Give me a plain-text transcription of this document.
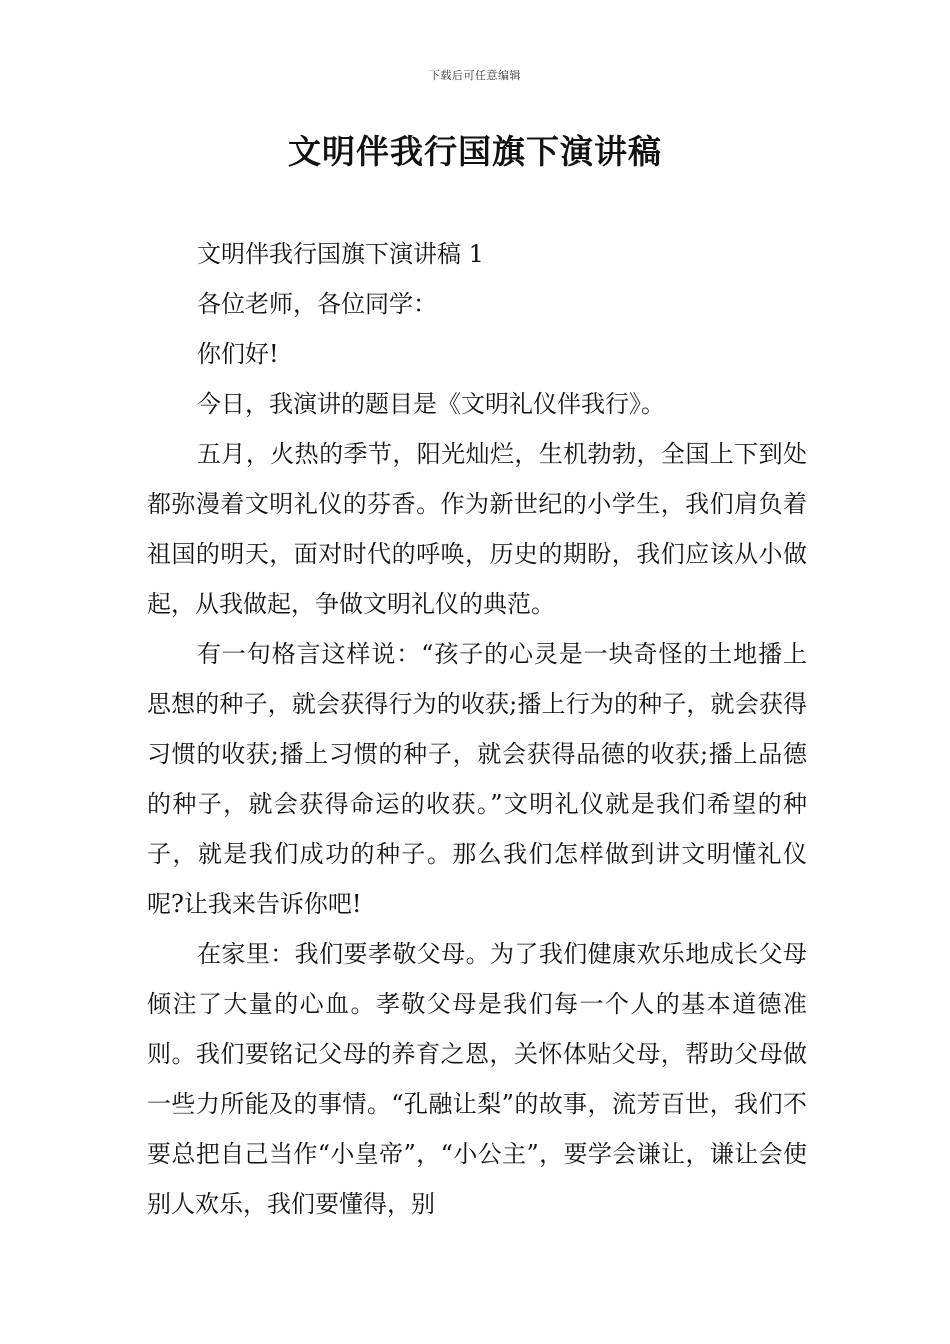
下载后可任意编辑
文明伴我行国旗下演讲稿

文明伴我行国旗下演讲稿 1

各位老师，各位同学：

你们好!

今日，我演讲的题目是《文明礼仪伴我行》。

五月，火热的季节，阳光灿烂，生机勃勃，全国上下到处都弥漫着文明礼仪的芬香。作为新世纪的小学生，我们肩负着祖国的明天，面对时代的呼唤，历史的期盼，我们应该从小做起，从我做起，争做文明礼仪的典范。

有一句格言这样说：“孩子的心灵是一块奇怪的土地播上思想的种子，就会获得行为的收获;播上行为的种子，就会获得习惯的收获;播上习惯的种子，就会获得品德的收获;播上品德的种子，就会获得命运的收获。”文明礼仪就是我们希望的种子，就是我们成功的种子。那么我们怎样做到讲文明懂礼仪呢?让我来告诉你吧!

在家里：我们要孝敬父母。为了我们健康欢乐地成长父母倾注了大量的心血。孝敬父母是我们每一个人的基本道德准则。我们要铭记父母的养育之恩，关怀体贴父母，帮助父母做一些力所能及的事情。“孔融让梨”的故事，流芳百世，我们不要总把自己当作“小皇帝”，“小公主”，要学会谦让，谦让会使别人欢乐，我们要懂得，别
